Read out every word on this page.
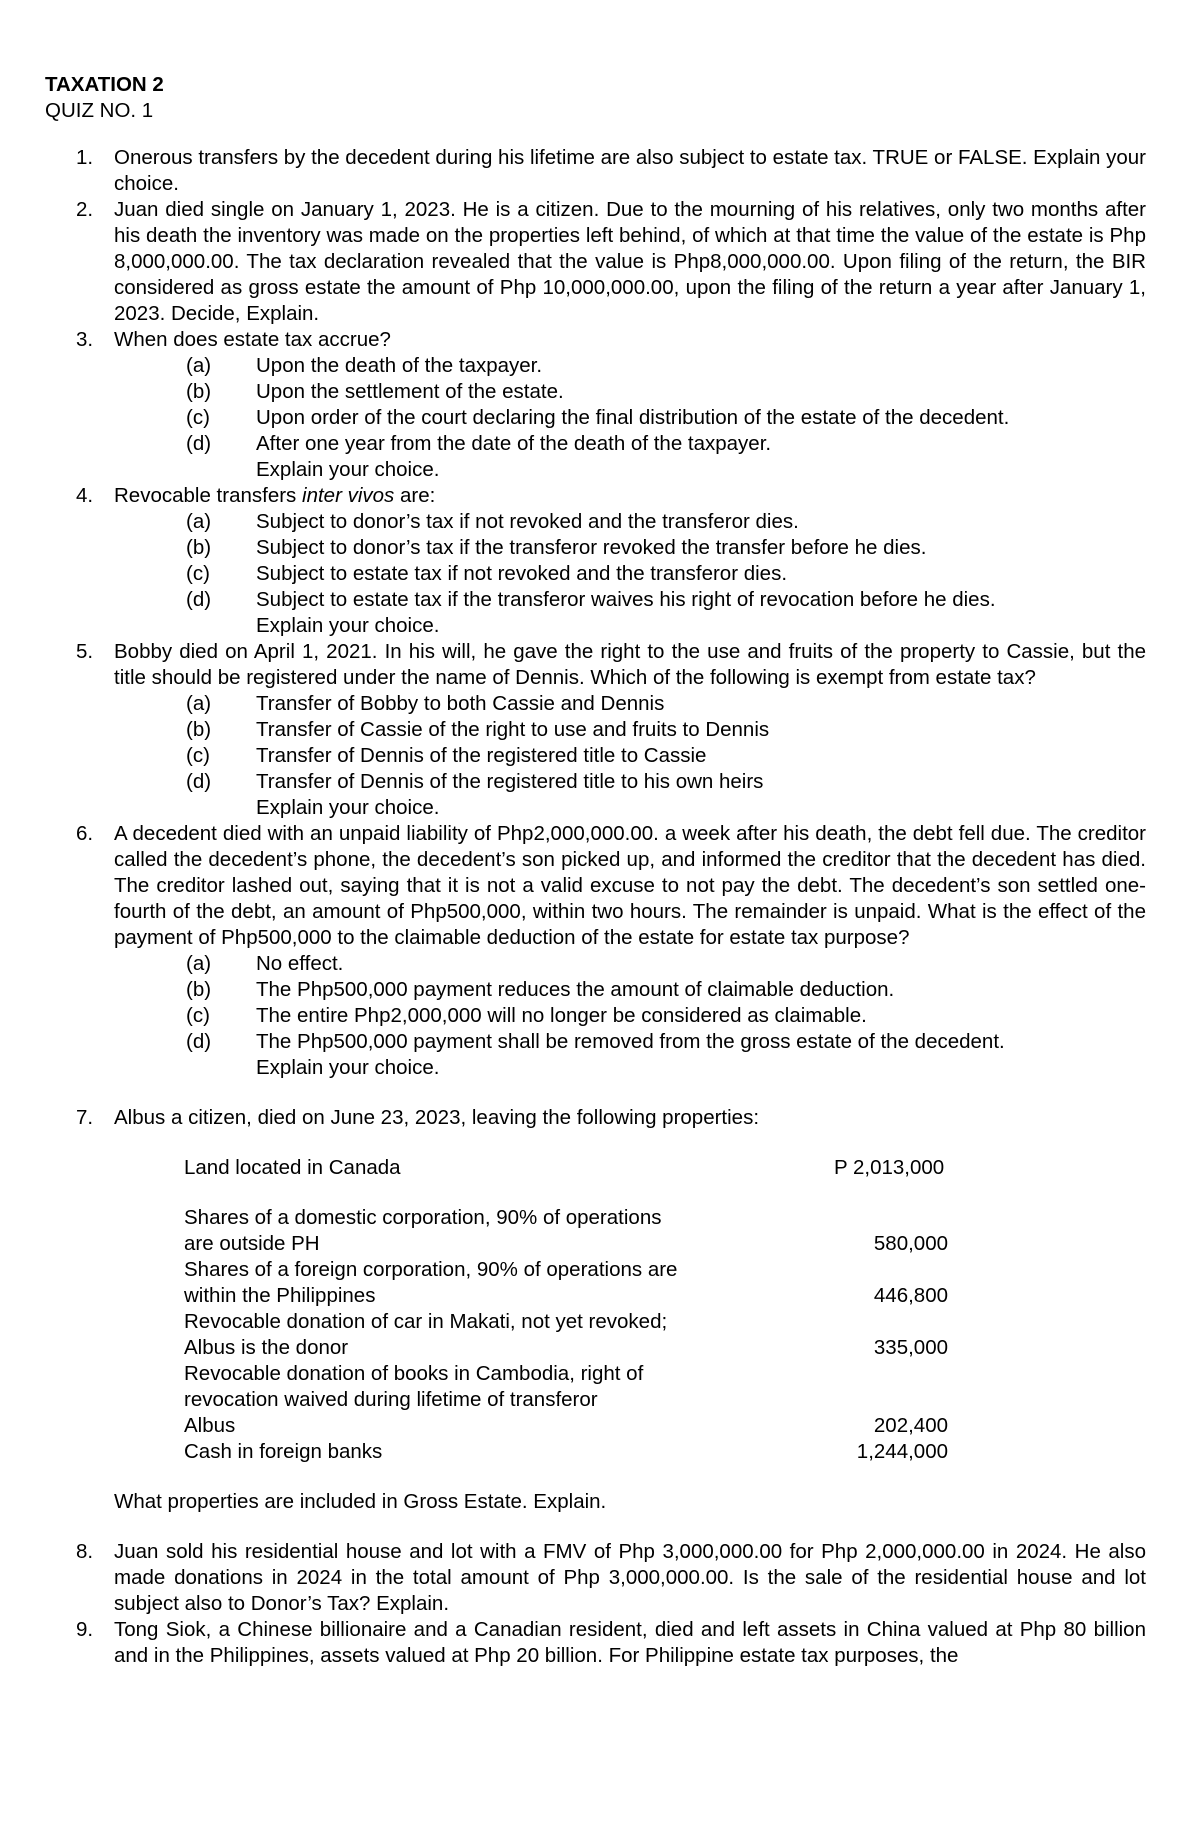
TAXATION 2
QUIZ NO. 1
1. Onerous transfers by the decedent during his lifetime are also subject to estate tax. TRUE or FALSE. Explain your choice.
2. Juan died single on January 1, 2023. He is a citizen. Due to the mourning of his relatives, only two months after his death the inventory was made on the properties left behind, of which at that time the value of the estate is Php 8,000,000.00. The tax declaration revealed that the value is Php8,000,000.00. Upon filing of the return, the BIR considered as gross estate the amount of Php 10,000,000.00, upon the filing of the return a year after January 1, 2023. Decide, Explain.
3. When does estate tax accrue?
(a) Upon the death of the taxpayer.
(b) Upon the settlement of the estate.
(c) Upon order of the court declaring the final distribution of the estate of the decedent.
(d) After one year from the date of the death of the taxpayer.
Explain your choice.
4. Revocable transfers inter vivos are:
(a) Subject to donor’s tax if not revoked and the transferor dies.
(b) Subject to donor’s tax if the transferor revoked the transfer before he dies.
(c) Subject to estate tax if not revoked and the transferor dies.
(d) Subject to estate tax if the transferor waives his right of revocation before he dies.
Explain your choice.
5. Bobby died on April 1, 2021. In his will, he gave the right to the use and fruits of the property to Cassie, but the title should be registered under the name of Dennis. Which of the following is exempt from estate tax?
(a) Transfer of Bobby to both Cassie and Dennis
(b) Transfer of Cassie of the right to use and fruits to Dennis
(c) Transfer of Dennis of the registered title to Cassie
(d) Transfer of Dennis of the registered title to his own heirs
Explain your choice.
6. A decedent died with an unpaid liability of Php2,000,000.00. a week after his death, the debt fell due. The creditor called the decedent’s phone, the decedent’s son picked up, and informed the creditor that the decedent has died. The creditor lashed out, saying that it is not a valid excuse to not pay the debt. The decedent’s son settled one-fourth of the debt, an amount of Php500,000, within two hours. The remainder is unpaid. What is the effect of the payment of Php500,000 to the claimable deduction of the estate for estate tax purpose?
(a) No effect.
(b) The Php500,000 payment reduces the amount of claimable deduction.
(c) The entire Php2,000,000 will no longer be considered as claimable.
(d) The Php500,000 payment shall be removed from the gross estate of the decedent.
Explain your choice.
7. Albus a citizen, died on June 23, 2023, leaving the following properties:
Land located in Canada	P 2,013,000

Shares of a domestic corporation, 90% of operations
are outside PH	580,000

Shares of a foreign corporation, 90% of operations are
within the Philippines	446,800

Revocable donation of car in Makati, not yet revoked;
Albus is the donor	335,000

Revocable donation of books in Cambodia, right of
revocation waived during lifetime of transferor
Albus	202,400
Cash in foreign banks	1,244,000
What properties are included in Gross Estate. Explain.
8. Juan sold his residential house and lot with a FMV of Php 3,000,000.00 for Php 2,000,000.00 in 2024. He also made donations in 2024 in the total amount of Php 3,000,000.00. Is the sale of the residential house and lot subject also to Donor’s Tax? Explain.
9. Tong Siok, a Chinese billionaire and a Canadian resident, died and left assets in China valued at Php 80 billion and in the Philippines, assets valued at Php 20 billion. For Philippine estate tax purposes, the
